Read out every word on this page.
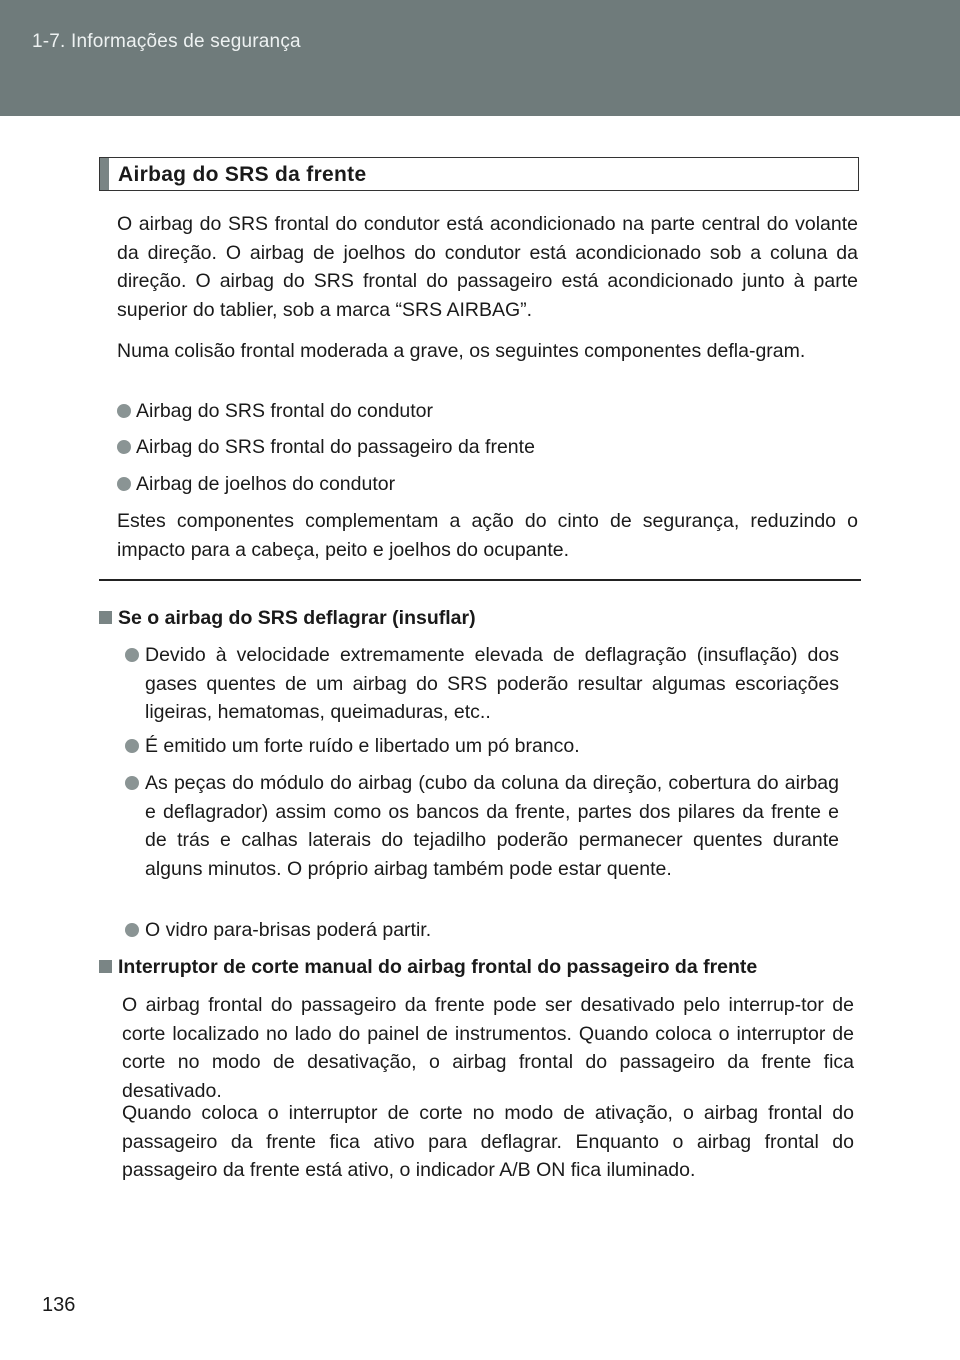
1-7. Informações de segurança
Airbag do SRS da frente

O airbag do SRS frontal do condutor está acondicionado na parte central do volante da direção. O airbag de joelhos do condutor está acondicionado sob a coluna da direção. O airbag do SRS frontal do passageiro está acondicionado junto à parte superior do tablier, sob a marca “SRS AIRBAG”.

Numa colisão frontal moderada a grave, os seguintes componentes defla-gram.

Airbag do SRS frontal do condutor
Airbag do SRS frontal do passageiro da frente
Airbag de joelhos do condutor

Estes componentes complementam a ação do cinto de segurança, reduzindo o impacto para a cabeça, peito e joelhos do ocupante.

Se o airbag do SRS deflagrar (insuflar)
Devido à velocidade extremamente elevada de deflagração (insuflação) dos gases quentes de um airbag do SRS poderão resultar algumas escoriações ligeiras, hematomas, queimaduras, etc..
É emitido um forte ruído e libertado um pó branco.
As peças do módulo do airbag (cubo da coluna da direção, cobertura do airbag e deflagrador) assim como os bancos da frente, partes dos pilares da frente e de trás e calhas laterais do tejadilho poderão permanecer quentes durante alguns minutos. O próprio airbag também pode estar quente.
O vidro para-brisas poderá partir.
Interruptor de corte manual do airbag frontal do passageiro da frente

O airbag frontal do passageiro da frente pode ser desativado pelo interrup-tor de corte localizado no lado do painel de instrumentos. Quando coloca o interruptor de corte no modo de desativação, o airbag frontal do passageiro da frente fica desativado.

Quando coloca o interruptor de corte no modo de ativação, o airbag frontal do passageiro da frente fica ativo para deflagrar. Enquanto o airbag frontal do passageiro da frente está ativo, o indicador A/B ON fica iluminado.

136
